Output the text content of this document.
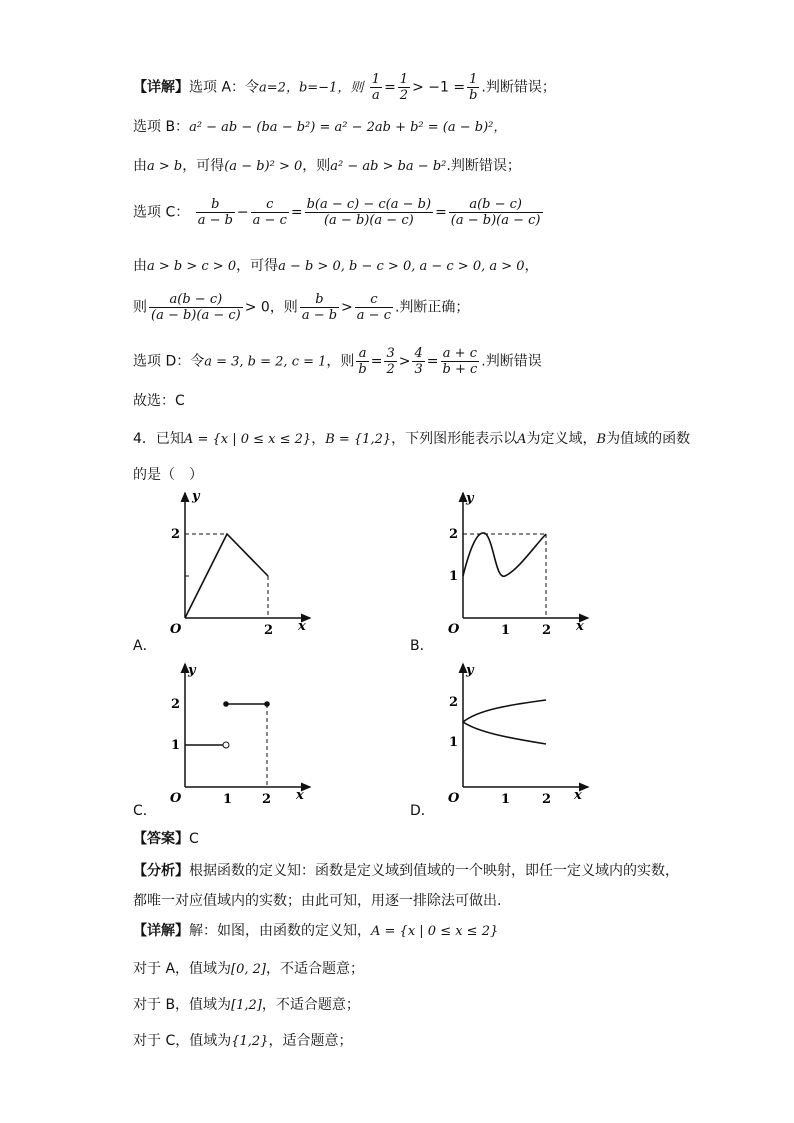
【详解】选项 A：令a=2，b=−1，则 $\frac{1}{a} = \frac{1}{2} > -1 = \frac{1}{b}$ .判断错误；
选项 B：a² − ab − (ba − b²) = a² − 2ab + b² = (a − b)²，
由a > b，可得(a − b)² > 0，则a² − ab > ba − b².判断错误；
选项 C： $\frac{b}{a - b} - \frac{c}{a - c} = \frac{b(a - c) - c(a - b)}{(a - b)(a - c)} = \frac{a(b - c)}{(a - b)(a - c)}$
由a > b > c > 0，可得a − b > 0, b − c > 0, a − c > 0, a > 0，
则 $\frac{a(b - c)}{(a - b)(a - c)} > 0$，则 $\frac{b}{a - b} > \frac{c}{a - c}$ .判断正确；
选项 D：令a = 3, b = 2, c = 1，则 $\frac{a}{b} = \frac{3}{2} > \frac{4}{3} = \frac{a + c}{b + c}$ .判断错误
故选：C
4．已知A = {x | 0 ≤ x ≤ 2}，B = {1,2}，下列图形能表示以A为定义域，B为值域的函数
的是（　）
y
x
O
2
2
A．
y
x
O
2
1
1 2
B．
y
x
O
2
1
1 2
C．
y
x
O
2
1
1 2
D．
【答案】C
【分析】根据函数的定义知：函数是定义域到值域的一个映射，即任一定义域内的实数，
都唯一对应值域内的实数；由此可知，用逐一排除法可做出.
【详解】解：如图，由函数的定义知，A = {x | 0 ≤ x ≤ 2}
对于 A，值域为[0, 2]，不适合题意；
对于 B，值域为[1,2]，不适合题意；
对于 C，值域为{1,2}，适合题意；
